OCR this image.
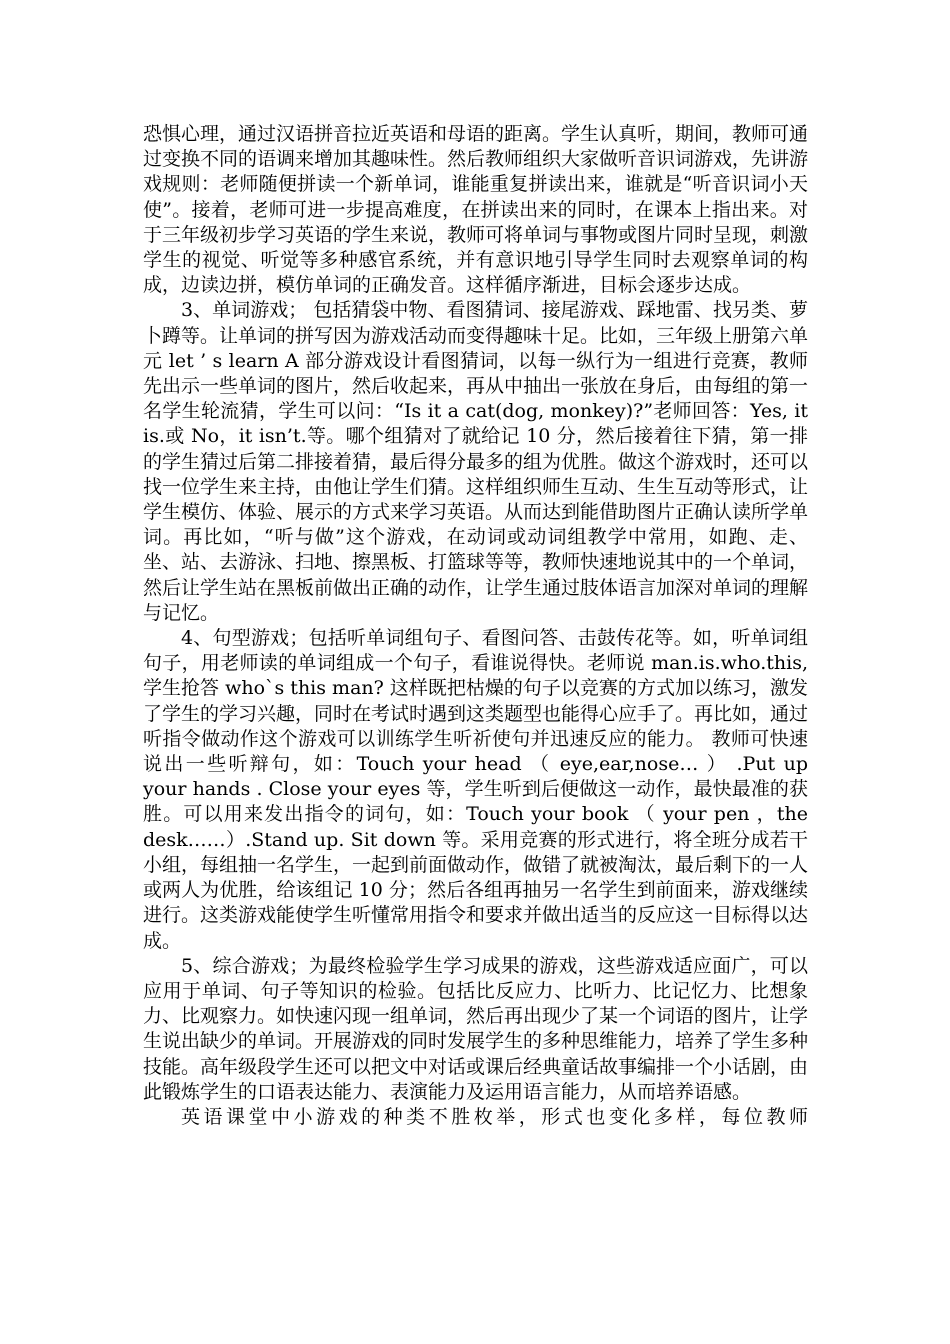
恐惧心理，通过汉语拼音拉近英语和母语的距离。学生认真听，期间，教师可通过变换不同的语调来增加其趣味性。然后教师组织大家做听音识词游戏，先讲游戏规则：老师随便拼读一个新单词，谁能重复拼读出来，谁就是“听音识词小天使”。接着，老师可进一步提高难度，在拼读出来的同时，在课本上指出来。对于三年级初步学习英语的学生来说，教师可将单词与事物或图片同时呈现，刺激学生的视觉、听觉等多种感官系统，并有意识地引导学生同时去观察单词的构成，边读边拼，模仿单词的正确发音。这样循序渐进，目标会逐步达成。

3、单词游戏； 包括猜袋中物、看图猜词、接尾游戏、踩地雷、找另类、萝卜蹲等。让单词的拼写因为游戏活动而变得趣味十足。比如，三年级上册第六单元 let ’ s learn A 部分游戏设计看图猜词，以每一纵行为一组进行竞赛，教师先出示一些单词的图片，然后收起来，再从中抽出一张放在身后，由每组的第一名学生轮流猜，学生可以问：“Is it a cat(dog, monkey)?”老师回答：Yes, it is.或 No，it isn’t.等。哪个组猜对了就给记 10 分，然后接着往下猜，第一排的学生猜过后第二排接着猜，最后得分最多的组为优胜。做这个游戏时，还可以找一位学生来主持，由他让学生们猜。这样组织师生互动、生生互动等形式，让学生模仿、体验、展示的方式来学习英语。从而达到能借助图片正确认读所学单词。再比如，“听与做”这个游戏，在动词或动词组教学中常用，如跑、走、坐、站、去游泳、扫地、擦黑板、打篮球等等，教师快速地说其中的一个单词，然后让学生站在黑板前做出正确的动作，让学生通过肢体语言加深对单词的理解与记忆。

4、句型游戏；包括听单词组句子、看图问答、击鼓传花等。如，听单词组句子，用老师读的单词组成一个句子，看谁说得快。老师说 man.is.who.this, 学生抢答 who`s this man? 这样既把枯燥的句子以竞赛的方式加以练习，激发了学生的学习兴趣，同时在考试时遇到这类题型也能得心应手了。再比如，通过听指令做动作这个游戏可以训练学生听祈使句并迅速反应的能力。 教师可快速说出一些听辩句，如：Touch your head （ eye,ear,nose… ） .Put up your hands . Close your eyes 等，学生听到后便做这一动作，最快最准的获胜。可以用来发出指令的词句，如：Touch your book （ your pen ，the desk……）.Stand up. Sit down 等。采用竞赛的形式进行，将全班分成若干小组，每组抽一名学生，一起到前面做动作，做错了就被淘汰，最后剩下的一人或两人为优胜，给该组记 10 分；然后各组再抽另一名学生到前面来，游戏继续进行。这类游戏能使学生听懂常用指令和要求并做出适当的反应这一目标得以达成。

5、综合游戏；为最终检验学生学习成果的游戏，这些游戏适应面广，可以应用于单词、句子等知识的检验。包括比反应力、比听力、比记忆力、比想象力、比观察力。如快速闪现一组单词，然后再出现少了某一个词语的图片，让学生说出缺少的单词。开展游戏的同时发展学生的多种思维能力，培养了学生多种技能。高年级段学生还可以把文中对话或课后经典童话故事编排一个小话剧，由此锻炼学生的口语表达能力、表演能力及运用语言能力，从而培养语感。

英语课堂中小游戏的种类不胜枚举，形式也变化多样，每位教师
